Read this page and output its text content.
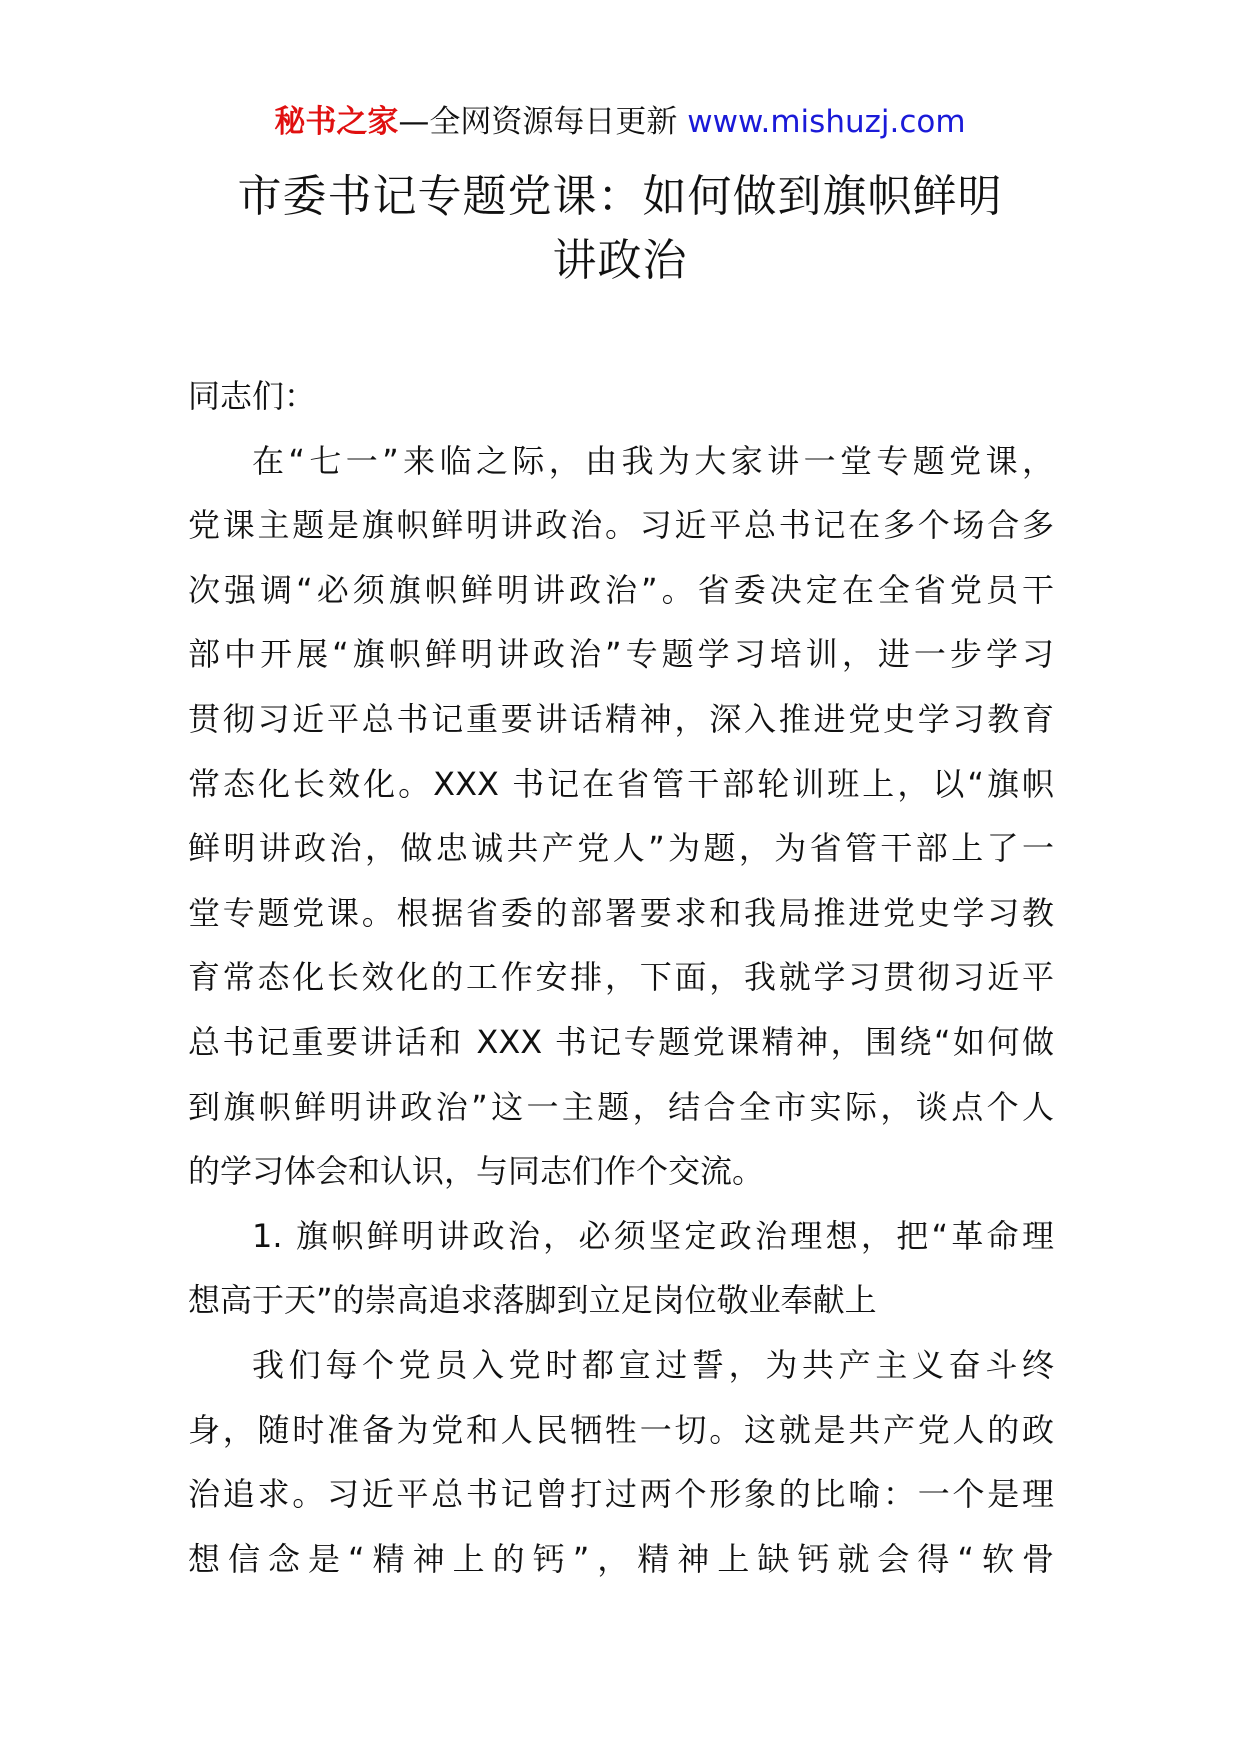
秘书之家—全网资源每日更新 www.mishuzj.com
市委书记专题党课：如何做到旗帜鲜明
讲政治
同志们：
在“七一”来临之际，由我为大家讲一堂专题党课，
党课主题是旗帜鲜明讲政治。习近平总书记在多个场合多
次强调“必须旗帜鲜明讲政治”。省委决定在全省党员干
部中开展“旗帜鲜明讲政治”专题学习培训，进一步学习
贯彻习近平总书记重要讲话精神，深入推进党史学习教育
常态化长效化。XXX 书记在省管干部轮训班上，以“旗帜
鲜明讲政治，做忠诚共产党人”为题，为省管干部上了一
堂专题党课。根据省委的部署要求和我局推进党史学习教
育常态化长效化的工作安排，下面，我就学习贯彻习近平
总书记重要讲话和 XXX 书记专题党课精神，围绕“如何做
到旗帜鲜明讲政治”这一主题，结合全市实际，谈点个人
的学习体会和认识，与同志们作个交流。
1. 旗帜鲜明讲政治，必须坚定政治理想，把“革命理
想高于天”的崇高追求落脚到立足岗位敬业奉献上
我们每个党员入党时都宣过誓，为共产主义奋斗终
身，随时准备为党和人民牺牲一切。这就是共产党人的政
治追求。习近平总书记曾打过两个形象的比喻：一个是理
想信念是“精神上的钙”，精神上缺钙就会得“软骨
